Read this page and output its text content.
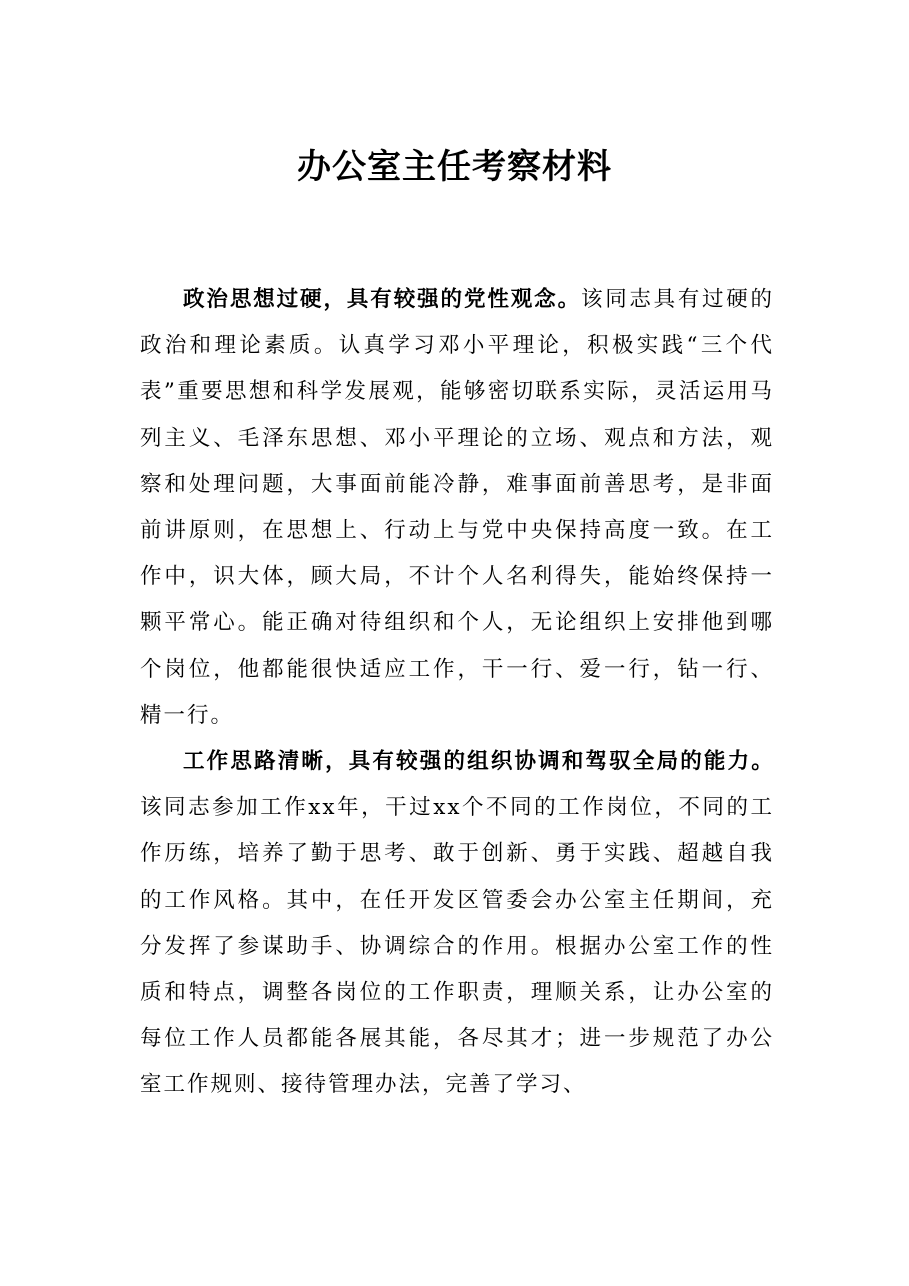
办公室主任考察材料

政治思想过硬，具有较强的党性观念。该同志具有过硬的政治和理论素质。认真学习邓小平理论，积极实践“三个代表”重要思想和科学发展观，能够密切联系实际，灵活运用马列主义、毛泽东思想、邓小平理论的立场、观点和方法，观察和处理问题，大事面前能冷静，难事面前善思考，是非面前讲原则，在思想上、行动上与党中央保持高度一致。在工作中，识大体，顾大局，不计个人名利得失，能始终保持一颗平常心。能正确对待组织和个人，无论组织上安排他到哪个岗位，他都能很快适应工作，干一行、爱一行，钻一行、精一行。

工作思路清晰，具有较强的组织协调和驾驭全局的能力。该同志参加工作xx年，干过xx个不同的工作岗位，不同的工作历练，培养了勤于思考、敢于创新、勇于实践、超越自我的工作风格。其中，在任开发区管委会办公室主任期间，充分发挥了参谋助手、协调综合的作用。根据办公室工作的性质和特点，调整各岗位的工作职责，理顺关系，让办公室的每位工作人员都能各展其能，各尽其才；进一步规范了办公室工作规则、接待管理办法，完善了学习、
